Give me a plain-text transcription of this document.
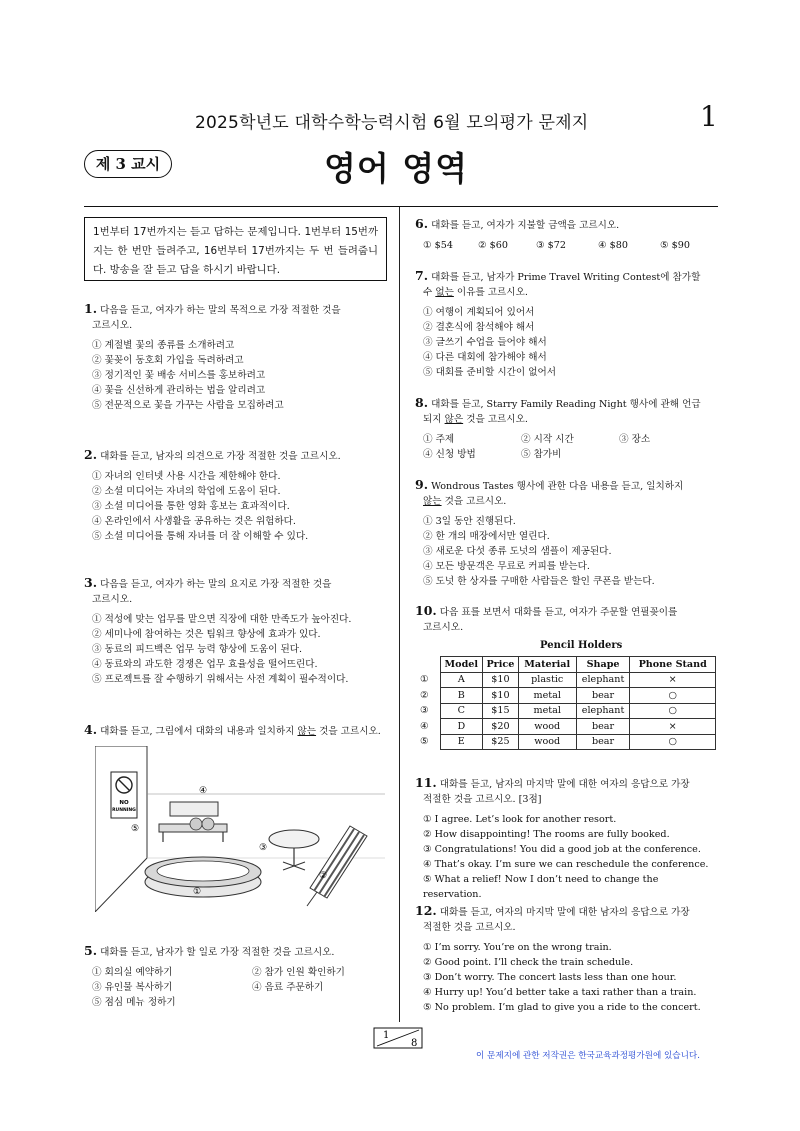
2025학년도 대학수학능력시험 6월 모의평가 문제지	1
제 3 교시	영어 영역
1번부터 17번까지는 듣고 답하는 문제입니다. 1번부터 15번까지는 한 번만 들려주고, 16번부터 17번까지는 두 번 들려줍니다. 방송을 잘 듣고 답을 하시기 바랍니다.
1. 다음을 듣고, 여자가 하는 말의 목적으로 가장 적절한 것을
고르시오.
① 계절별 꽃의 종류를 소개하려고
② 꽃꽂이 동호회 가입을 독려하려고
③ 정기적인 꽃 배송 서비스를 홍보하려고
④ 꽃을 신선하게 관리하는 법을 알리려고
⑤ 전문적으로 꽃을 가꾸는 사람을 모집하려고
2. 대화를 듣고, 남자의 의견으로 가장 적절한 것을 고르시오.
① 자녀의 인터넷 사용 시간을 제한해야 한다.
② 소셜 미디어는 자녀의 학업에 도움이 된다.
③ 소셜 미디어를 통한 영화 홍보는 효과적이다.
④ 온라인에서 사생활을 공유하는 것은 위험하다.
⑤ 소셜 미디어를 통해 자녀를 더 잘 이해할 수 있다.
3. 다음을 듣고, 여자가 하는 말의 요지로 가장 적절한 것을
고르시오.
① 적성에 맞는 업무를 맡으면 직장에 대한 만족도가 높아진다.
② 세미나에 참여하는 것은 팀워크 향상에 효과가 있다.
③ 동료의 피드백은 업무 능력 향상에 도움이 된다.
④ 동료와의 과도한 경쟁은 업무 효율성을 떨어뜨린다.
⑤ 프로젝트를 잘 수행하기 위해서는 사전 계획이 필수적이다.
4. 대화를 듣고, 그림에서 대화의 내용과 일치하지 않는 것을 고르시오.
NO
RUNNING
①
②
③
④
⑤
5. 대화를 듣고, 남자가 할 일로 가장 적절한 것을 고르시오.
① 회의실 예약하기	② 참가 인원 확인하기
③ 유인물 복사하기	④ 음료 주문하기
⑤ 점심 메뉴 정하기
6. 대화를 듣고, 여자가 지불할 금액을 고르시오.
① $54	② $60	③ $72	④ $80	⑤ $90
7. 대화를 듣고, 남자가 Prime Travel Writing Contest에 참가할
수 없는 이유를 고르시오.
① 여행이 계획되어 있어서
② 결혼식에 참석해야 해서
③ 글쓰기 수업을 들어야 해서
④ 다른 대회에 참가해야 해서
⑤ 대회를 준비할 시간이 없어서
8. 대화를 듣고, Starry Family Reading Night 행사에 관해 언급
되지 않은 것을 고르시오.
① 주제	② 시작 시간	③ 장소
④ 신청 방법	⑤ 참가비
9. Wondrous Tastes 행사에 관한 다음 내용을 듣고, 일치하지
않는 것을 고르시오.
① 3일 동안 진행된다.
② 한 개의 매장에서만 열린다.
③ 새로운 다섯 종류 도넛의 샘플이 제공된다.
④ 모든 방문객은 무료로 커피를 받는다.
⑤ 도넛 한 상자를 구매한 사람들은 할인 쿠폰을 받는다.
10. 다음 표를 보면서 대화를 듣고, 여자가 주문할 연필꽂이를
고르시오.
Pencil Holders
	Model	Price	Material	Shape	Phone Stand
①	A	$10	plastic	elephant	×
②	B	$10	metal	bear	○
③	C	$15	metal	elephant	○
④	D	$20	wood	bear	×
⑤	E	$25	wood	bear	○
11. 대화를 듣고, 남자의 마지막 말에 대한 여자의 응답으로 가장
적절한 것을 고르시오. [3점]
① I agree. Let’s look for another resort.
② How disappointing! The rooms are fully booked.
③ Congratulations! You did a good job at the conference.
④ That’s okay. I’m sure we can reschedule the conference.
⑤ What a relief! Now I don’t need to change the reservation.
12. 대화를 듣고, 여자의 마지막 말에 대한 남자의 응답으로 가장
적절한 것을 고르시오.
① I’m sorry. You’re on the wrong train.
② Good point. I’ll check the train schedule.
③ Don’t worry. The concert lasts less than one hour.
④ Hurry up! You’d better take a taxi rather than a train.
⑤ No problem. I’m glad to give you a ride to the concert.
1
8
이 문제지에 관한 저작권은 한국교육과정평가원에 있습니다.
